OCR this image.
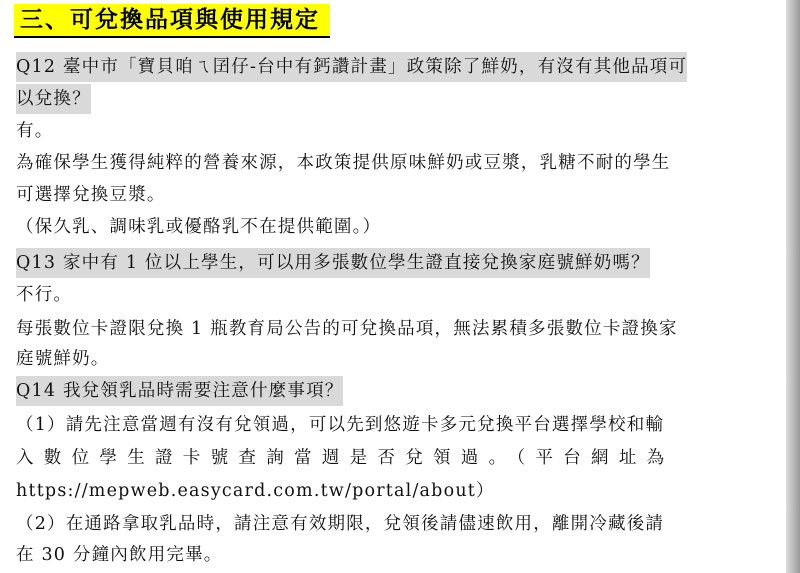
三、可兌換品項與使用規定
Q12 臺中市「寶貝咱ㄟ囝仔-台中有鈣讚計畫」政策除了鮮奶，有沒有其他品項可
以兌換？
有。
為確保學生獲得純粹的營養來源，本政策提供原味鮮奶或豆漿，乳糖不耐的學生
可選擇兌換豆漿。
（保久乳、調味乳或優酪乳不在提供範圍。）
Q13 家中有 1 位以上學生，可以用多張數位學生證直接兌換家庭號鮮奶嗎？
不行。
每張數位卡證限兌換 1 瓶教育局公告的可兌換品項，無法累積多張數位卡證換家
庭號鮮奶。
Q14 我兌領乳品時需要注意什麼事項？
（1）請先注意當週有沒有兌領過，可以先到悠遊卡多元兌換平台選擇學校和輸
入數位學生證卡號查詢當週是否兌領過。（平台網址為
https://mepweb.easycard.com.tw/portal/about）
（2）在通路拿取乳品時，請注意有效期限，兌領後請儘速飲用，離開冷藏後請
在 30 分鐘內飲用完畢。
